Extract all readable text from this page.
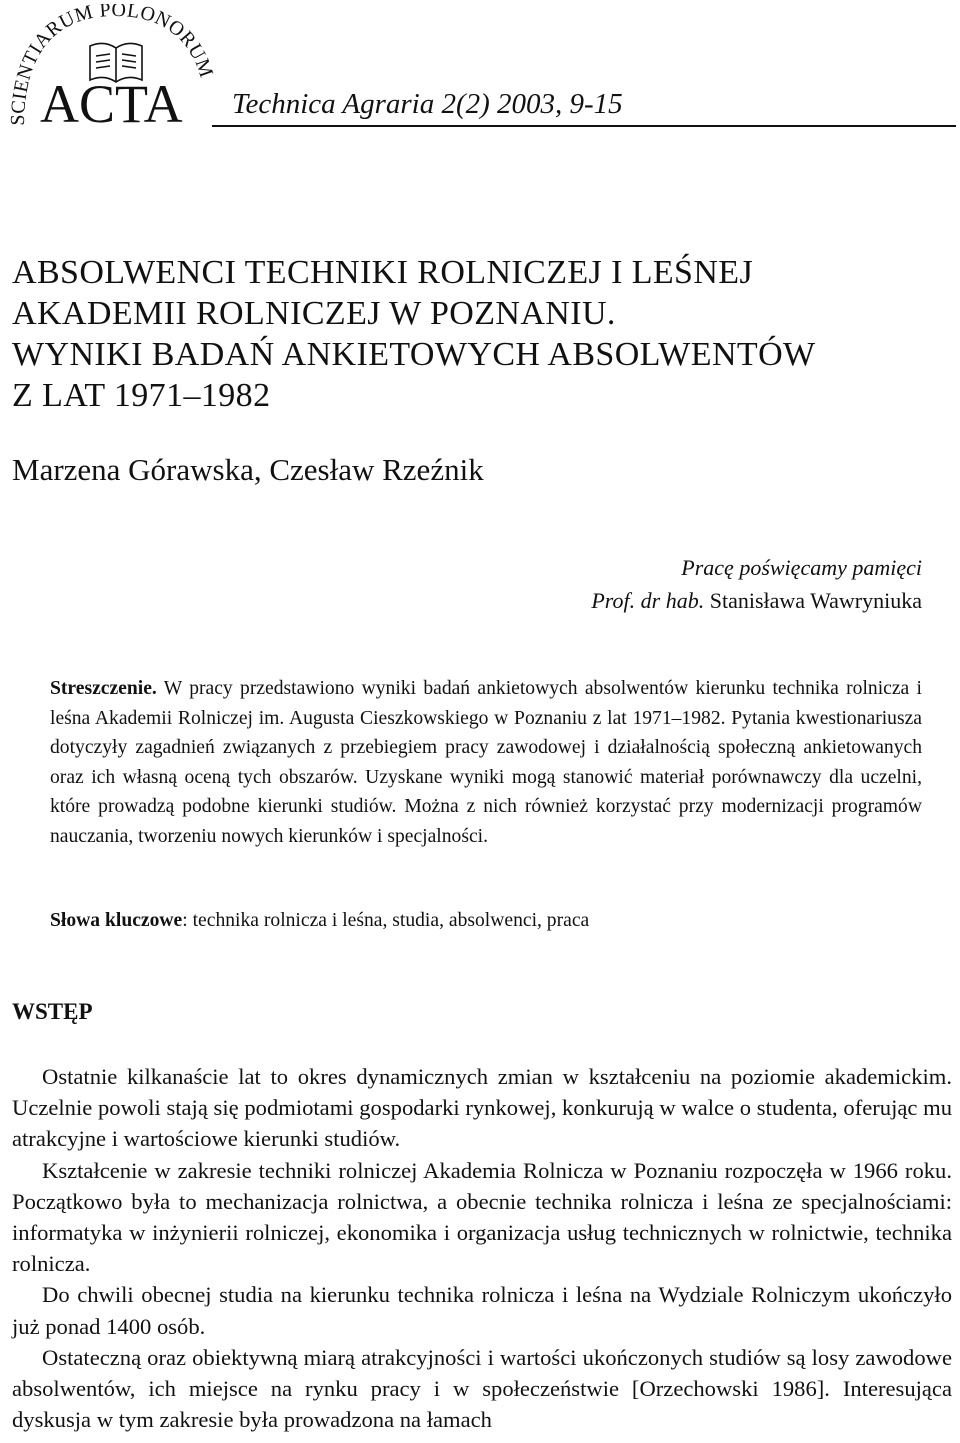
SCIENTIARUM POLONORU
ACTA Technica Agraria 2(2) 2003, 9-15
ABSOLWENCI TECHNIKI ROLNICZEJ I LEŚNEJ
AKADEMII ROLNICZEJ W POZNANIU.
WYNIKI BADAŃ ANKIETOWYCH ABSOLWENTÓW
Z LAT 1971–1982
Marzena Górawska, Czesław Rzeźnik
Pracę poświęcamy pamięci
Prof. dr hab. Stanisława Wawryniuka

Streszczenie. W pracy przedstawiono wyniki badań ankietowych absolwentów kierunku technika rolnicza i leśna Akademii Rolniczej im. Augusta Cieszkowskiego w Poznaniu z lat 1971–1982. Pytania kwestionariusza dotyczyły zagadnień związanych z przebiegiem pracy zawodowej i działalnością społeczną ankietowanych oraz ich własną oceną tych obszarów. Uzyskane wyniki mogą stanowić materiał porównawczy dla uczelni, które prowadzą podobne kierunki studiów. Można z nich również korzystać przy modernizacji programów nauczania, tworzeniu nowych kierunków i specjalności.

Słowa kluczowe: technika rolnicza i leśna, studia, absolwenci, praca
WSTĘP

Ostatnie kilkanaście lat to okres dynamicznych zmian w kształceniu na poziomie akademickim. Uczelnie powoli stają się podmiotami gospodarki rynkowej, konkurują w walce o studenta, oferując mu atrakcyjne i wartościowe kierunki studiów.

Kształcenie w zakresie techniki rolniczej Akademia Rolnicza w Poznaniu rozpoczęła w 1966 roku. Początkowo była to mechanizacja rolnictwa, a obecnie technika rolnicza i leśna ze specjalnościami: informatyka w inżynierii rolniczej, ekonomika i organizacja usług technicznych w rolnictwie, technika rolnicza.

Do chwili obecnej studia na kierunku technika rolnicza i leśna na Wydziale Rolniczym ukończyło już ponad 1400 osób.

Ostateczną oraz obiektywną miarą atrakcyjności i wartości ukończonych studiów są losy zawodowe absolwentów, ich miejsce na rynku pracy i w społeczeństwie [Orzechowski 1986]. Interesująca dyskusja w tym zakresie była prowadzona na łamach
